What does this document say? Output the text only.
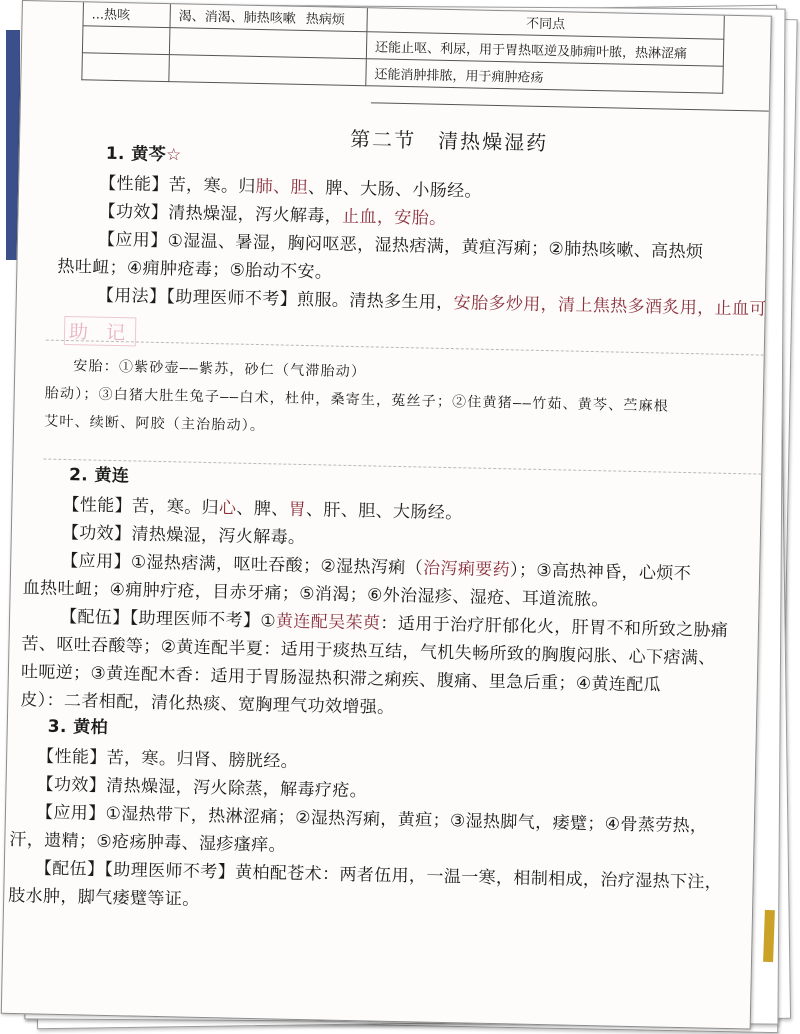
...热咳	渴、消渴、肺热咳嗽 热病烦	不同点
		还能止呕、利尿，用于胃热呕逆及肺痈叶脓，热淋涩痛
		还能消肿排脓，用于痈肿疮疡
第二节　清热燥湿药
1. 黄芩☆
【性能】苦，寒。归肺、胆、脾、大肠、小肠经。
【功效】清热燥湿，泻火解毒，止血，安胎。
【应用】①湿温、暑湿，胸闷呕恶，湿热痞满，黄疸泻痢；②肺热咳嗽、高热烦
热吐衄；④痈肿疮毒；⑤胎动不安。
【用法】【助理医师不考】煎服。清热多生用，安胎多炒用，清上焦热多酒炙用，止血可
助 记
安胎：①紫砂壶——紫苏，砂仁（气滞胎动）
胎动）；③白猪大肚生兔子——白术，杜仲，桑寄生，菟丝子；②住黄猪——竹茹、黄芩、苎麻根
艾叶、续断、阿胶（主治胎动）。
2. 黄连
【性能】苦，寒。归心、脾、胃、肝、胆、大肠经。
【功效】清热燥湿，泻火解毒。
【应用】①湿热痞满，呕吐吞酸；②湿热泻痢（治泻痢要药）；③高热神昏，心烦不
血热吐衄；④痈肿疔疮，目赤牙痛；⑤消渴；⑥外治湿疹、湿疮、耳道流脓。
【配伍】【助理医师不考】①黄连配吴茱萸：适用于治疗肝郁化火，肝胃不和所致之胁痛
苦、呕吐吞酸等；②黄连配半夏：适用于痰热互结，气机失畅所致的胸腹闷胀、心下痞满、
吐呃逆；③黄连配木香：适用于胃肠湿热积滞之痢疾、腹痛、里急后重；④黄连配瓜
皮）：二者相配，清化热痰、宽胸理气功效增强。
3. 黄柏
【性能】苦，寒。归肾、膀胱经。
【功效】清热燥湿，泻火除蒸，解毒疗疮。
【应用】①湿热带下，热淋涩痛；②湿热泻痢，黄疸；③湿热脚气，痿躄；④骨蒸劳热，
汗，遗精；⑤疮疡肿毒、湿疹瘙痒。
【配伍】【助理医师不考】黄柏配苍术：两者伍用，一温一寒，相制相成，治疗湿热下注，
肢水肿，脚气痿躄等证。
